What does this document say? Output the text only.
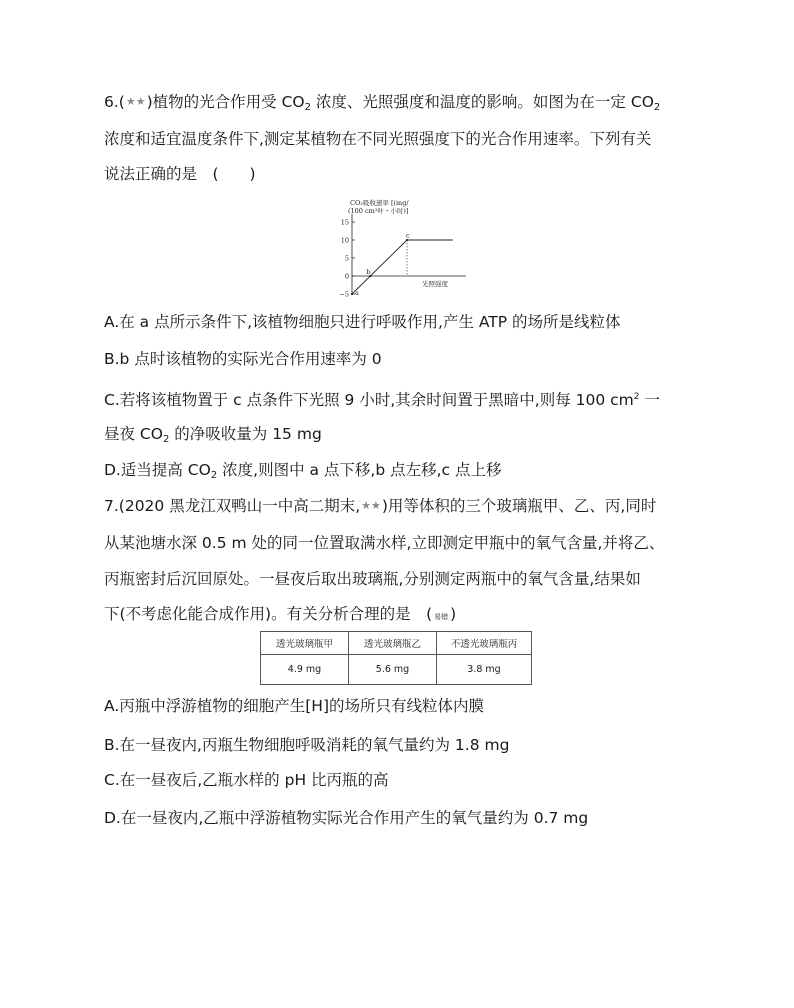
6.(★★)植物的光合作用受 $CO_2$ 浓度、光照强度和温度的影响。如图为在一定 $CO_2$
浓度和适宜温度条件下,测定某植物在不同光照强度下的光合作用速率。下列有关
说法正确的是　(　　)
CO₂吸收速率 [(mg/
(100 cm²叶・小时)]
15
10
5
0
−5 a
b
c
光照强度
A.在 a 点所示条件下,该植物细胞只进行呼吸作用,产生 ATP 的场所是线粒体
B.b 点时该植物的实际光合作用速率为 0
C.若将该植物置于 c 点条件下光照 9 小时,其余时间置于黑暗中,则每 100 $cm^2$ 一
昼夜 $CO_2$ 的净吸收量为 15 mg
D.适当提高 $CO_2$ 浓度,则图中 a 点下移,b 点左移,c 点上移
7.(2020 黑龙江双鸭山一中高二期末,★★)用等体积的三个玻璃瓶甲、乙、丙,同时
从某池塘水深 0.5 m 处的同一位置取满水样,立即测定甲瓶中的氧气含量,并将乙、
丙瓶密封后沉回原处。一昼夜后取出玻璃瓶,分别测定两瓶中的氧气含量,结果如
下(不考虑化能合成作用)。有关分析合理的是　( 易错 )
透光玻璃瓶甲	透光玻璃瓶乙	不透光玻璃瓶丙
4.9 mg	5.6 mg	3.8 mg
A.丙瓶中浮游植物的细胞产生[H]的场所只有线粒体内膜
B.在一昼夜内,丙瓶生物细胞呼吸消耗的氧气量约为 1.8 mg
C.在一昼夜后,乙瓶水样的 pH 比丙瓶的高
D.在一昼夜内,乙瓶中浮游植物实际光合作用产生的氧气量约为 0.7 mg
